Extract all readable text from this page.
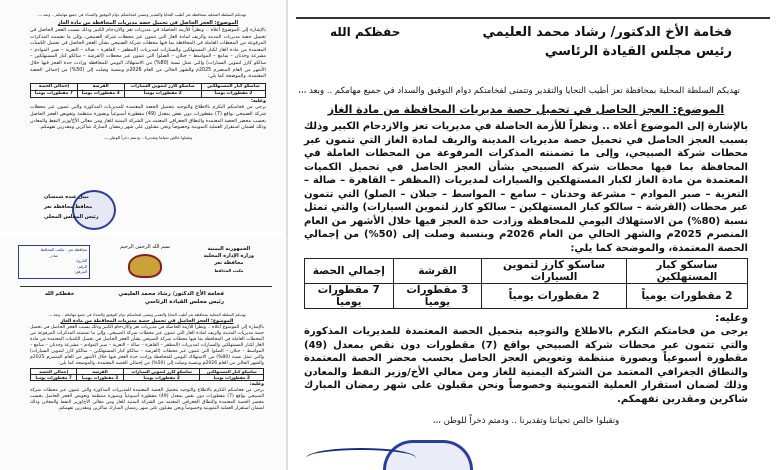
فخامة الأخ الدكتور/ رشاد محمد العليمي
رئيس مجلس القيادة الرئاسي
حفظكم الله
تهديكم السلطة المحلية بمحافظة تعز أطيب التحايا والتقدير وتتمنى لفخامتكم دوام التوفيق والسداد في جميع مهامكم .. وبعد ،،،
الموضوع: العجز الحاصل في تحميل حصة مديريات المحافظة من مادة الغاز
بالإشارة إلى الموضوع أعلاه .. ونظراً للأزمة الحاصلة في مديريات تعز والازدحام الكبير وذلك بسبب العجز الحاصل في تحميل حصة مديريات المدينة والريف لمادة الغاز التي تتمون عبر محطات شركة الصبيحي، وإلى ما تضمنته المذكرات المرفوعة من المحطات العاملة في المحافظة بما فيها محطات شركة الصبيحي بشأن العجز الحاصل في تحميل الكميات المعتمدة من مادة الغاز لكبار المستهلكين والسيارات لمديريات (المظفر – القاهرة – صالة – التعزية – صبر الموادم – مشرعة وحدنان – سامع – المواسط – جبلان – الصلو) التي تتمون عبر محطات (القرشة – سالكو كبار المستهلكين – سالكو كارز لتموين السيارات) والتي تمثل نسبة (80%) من الاستهلاك اليومي للمحافظة وزادت حدة العجز فيها خلال الأشهر من العام المنصرم 2025م والشهر الحالي من العام 2026م وبنسبة وصلت إلى (50%) من إجمالي الحصة المعتمدة، والموضحة كما يلي:
ساسكو كبار المستهلكين	ساسكو كارز لتموين السيارات	القرشة	إجمالي الحصة
2 مقطورات يومياً	2 مقطورات يومياً	3 مقطورات يومياً	7 مقطورات يومياً
وعليه:
يرجى من فخامتكم التكرم بالاطلاع والتوجيه بتحميل الحصة المعتمدة للمديريات المذكورة والتي تتمون عبر محطات شركة الصبيحي بواقع (7) مقطورات دون نقص بمعدل (49) مقطورة أسبوعياً وبصورة منتظمة وتعويض العجز الحاصل بحسب محضر الحصة المعتمدة والنطاق الجغرافي المعتمد من الشركة اليمنية للغاز ومن معالي الأخ/وزير النفط والمعادن وذلك لضمان استقرار العملية التموينية وخصوصاً ونحن مقبلون على شهر رمضان المبارك شاكرين ومقدرين تفهمكم.
وتقبلوا خالص تحياتنا وتقديرنا .. ودمتم ذخراً للوطن ،،،
تهديكم السلطة المحلية بمحافظة تعز أطيب التحايا والتقدير وتتمنى لفخامتكم دوام التوفيق والسداد في جميع مهامكم .. وبعد ،،،
الموضوع: العجز الحاصل في تحميل حصة مديريات المحافظة من مادة الغاز
بالإشارة إلى الموضوع أعلاه .. ونظراً للأزمة الحاصلة في مديريات تعز والازدحام الكبير وذلك بسبب العجز الحاصل في تحميل حصة مديريات المدينة والريف لمادة الغاز التي تتمون عبر محطات شركة الصبيحي، وإلى ما تضمنته المذكرات المرفوعة من المحطات العاملة في المحافظة بما فيها محطات شركة الصبيحي بشأن العجز الحاصل في تحميل الكميات المعتمدة من مادة الغاز لكبار المستهلكين والسيارات لمديريات (المظفر – القاهرة – صالة – التعزية – صبر الموادم – مشرعة وحدنان – سامع – المواسط – جبلان – الصلو) التي تتمون عبر محطات (القرشة – سالكو كبار المستهلكين – سالكو كارز لتموين السيارات) والتي تمثل نسبة (80%) من الاستهلاك اليومي للمحافظة وزادت حدة العجز فيها خلال الأشهر من العام المنصرم 2025م والشهر الحالي من العام 2026م وبنسبة وصلت إلى (50%) من إجمالي الحصة المعتمدة، والموضحة كما يلي:
ساسكو كبار المستهلكين	ساسكو كارز لتموين السيارات	القرشة	إجمالي الحصة
2 مقطورات يومياً	2 مقطورات يومياً	3 مقطورات يومياً	7 مقطورات يومياً
وعليه:
يرجى من فخامتكم التكرم بالاطلاع والتوجيه بتحميل الحصة المعتمدة للمديريات المذكورة والتي تتمون عبر محطات شركة الصبيحي بواقع (7) مقطورات دون نقص بمعدل (49) مقطورة أسبوعياً وبصورة منتظمة وتعويض العجز الحاصل بحسب محضر الحصة المعتمدة والنطاق الجغرافي المعتمد من الشركة اليمنية للغاز ومن معالي الأخ/وزير النفط والمعادن وذلك لضمان استقرار العملية التموينية وخصوصاً ونحن مقبلون على شهر رمضان المبارك شاكرين ومقدرين تفهمكم.
وتقبلوا خالص تحياتنا وتقديرنا .. ودمتم ذخراً للوطن ،،،
نبيل عبده شمسان
محافظ محافظة تعز
رئيس المجلس المحلي
الجمهورية اليمنية
وزارة الإدارة المحلية
محافظة تعز
مكتب المحافظ
بسم الله الرحمن الرحيم
محافظة تعز - مكتب المحافظ
صادر
التاريخ:
الرقم:
المرفق:
فخامة الأخ الدكتور/ رشاد محمد العليمي
رئيس مجلس القيادة الرئاسي
حفظكم الله
تهديكم السلطة المحلية بمحافظة تعز أطيب التحايا والتقدير وتتمنى لفخامتكم دوام التوفيق والسداد في جميع مهامكم .. وبعد ،،،
الموضوع: العجز الحاصل في تحميل حصة مديريات المحافظة من مادة الغاز
بالإشارة إلى الموضوع أعلاه .. ونظراً للأزمة الحاصلة في مديريات تعز والازدحام الكبير وذلك بسبب العجز الحاصل في تحميل حصة مديريات المدينة والريف لمادة الغاز التي تتمون عبر محطات شركة الصبيحي، وإلى ما تضمنته المذكرات المرفوعة من المحطات العاملة في المحافظة بما فيها محطات شركة الصبيحي بشأن العجز الحاصل في تحميل الكميات المعتمدة من مادة الغاز لكبار المستهلكين والسيارات لمديريات (المظفر – القاهرة – صالة – التعزية – صبر الموادم – مشرعة وحدنان – سامع – المواسط – جبلان – الصلو) التي تتمون عبر محطات (القرشة – سالكو كبار المستهلكين – سالكو كارز لتموين السيارات) والتي تمثل نسبة (80%) من الاستهلاك اليومي للمحافظة وزادت حدة العجز فيها خلال الأشهر من العام المنصرم 2025م والشهر الحالي من العام 2026م وبنسبة وصلت إلى (50%) من إجمالي الحصة المعتمدة، والموضحة كما يلي:
ساسكو كبار المستهلكين	ساسكو كارز لتموين السيارات	القرشة	إجمالي الحصة
2 مقطورات يومياً	2 مقطورات يومياً	3 مقطورات يومياً	7 مقطورات يومياً
وعليه:
يرجى من فخامتكم التكرم بالاطلاع والتوجيه بتحميل الحصة المعتمدة للمديريات المذكورة والتي تتمون عبر محطات شركة الصبيحي بواقع (7) مقطورات دون نقص بمعدل (49) مقطورة أسبوعياً وبصورة منتظمة وتعويض العجز الحاصل بحسب محضر الحصة المعتمدة والنطاق الجغرافي المعتمد من الشركة اليمنية للغاز ومن معالي الأخ/وزير النفط والمعادن وذلك لضمان استقرار العملية التموينية وخصوصاً ونحن مقبلون على شهر رمضان المبارك شاكرين ومقدرين تفهمكم.
